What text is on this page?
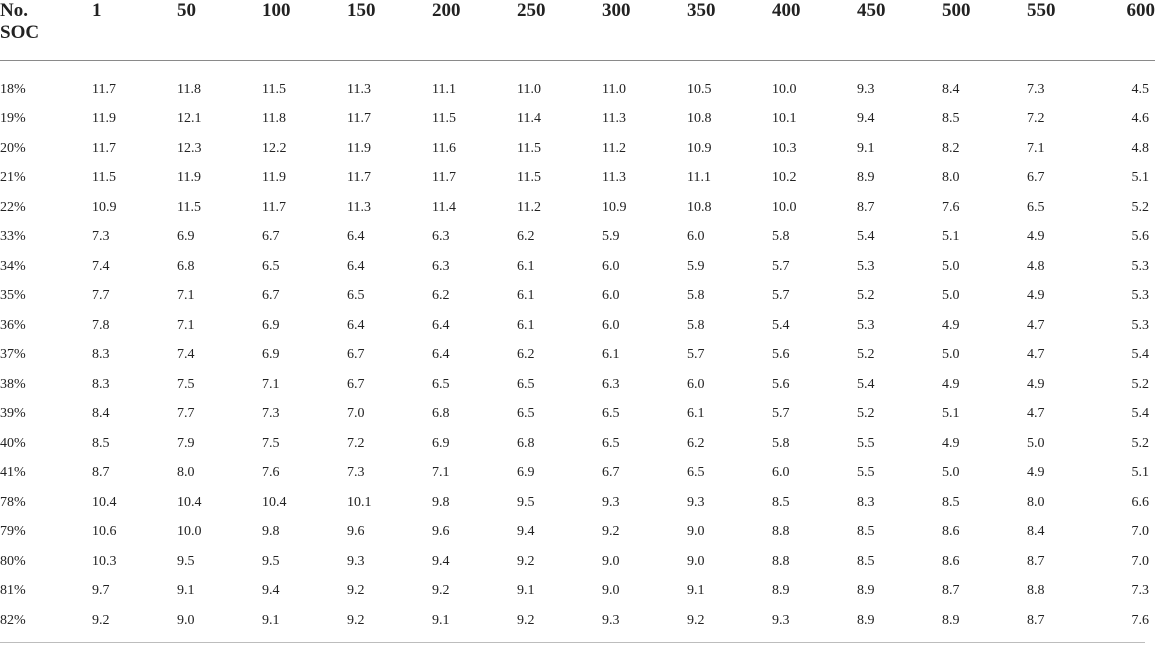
No.
SOC	1	50	100	150	200	250	300	350	400	450	500	550	600

18%	11.7	11.8	11.5	11.3	11.1	11.0	11.0	10.5	10.0	9.3	8.4	7.3	4.5
19%	11.9	12.1	11.8	11.7	11.5	11.4	11.3	10.8	10.1	9.4	8.5	7.2	4.6
20%	11.7	12.3	12.2	11.9	11.6	11.5	11.2	10.9	10.3	9.1	8.2	7.1	4.8
21%	11.5	11.9	11.9	11.7	11.7	11.5	11.3	11.1	10.2	8.9	8.0	6.7	5.1
22%	10.9	11.5	11.7	11.3	11.4	11.2	10.9	10.8	10.0	8.7	7.6	6.5	5.2
33%	7.3	6.9	6.7	6.4	6.3	6.2	5.9	6.0	5.8	5.4	5.1	4.9	5.6
34%	7.4	6.8	6.5	6.4	6.3	6.1	6.0	5.9	5.7	5.3	5.0	4.8	5.3
35%	7.7	7.1	6.7	6.5	6.2	6.1	6.0	5.8	5.7	5.2	5.0	4.9	5.3
36%	7.8	7.1	6.9	6.4	6.4	6.1	6.0	5.8	5.4	5.3	4.9	4.7	5.3
37%	8.3	7.4	6.9	6.7	6.4	6.2	6.1	5.7	5.6	5.2	5.0	4.7	5.4
38%	8.3	7.5	7.1	6.7	6.5	6.5	6.3	6.0	5.6	5.4	4.9	4.9	5.2
39%	8.4	7.7	7.3	7.0	6.8	6.5	6.5	6.1	5.7	5.2	5.1	4.7	5.4
40%	8.5	7.9	7.5	7.2	6.9	6.8	6.5	6.2	5.8	5.5	4.9	5.0	5.2
41%	8.7	8.0	7.6	7.3	7.1	6.9	6.7	6.5	6.0	5.5	5.0	4.9	5.1
78%	10.4	10.4	10.4	10.1	9.8	9.5	9.3	9.3	8.5	8.3	8.5	8.0	6.6
79%	10.6	10.0	9.8	9.6	9.6	9.4	9.2	9.0	8.8	8.5	8.6	8.4	7.0
80%	10.3	9.5	9.5	9.3	9.4	9.2	9.0	9.0	8.8	8.5	8.6	8.7	7.0
81%	9.7	9.1	9.4	9.2	9.2	9.1	9.0	9.1	8.9	8.9	8.7	8.8	7.3
82%	9.2	9.0	9.1	9.2	9.1	9.2	9.3	9.2	9.3	8.9	8.9	8.7	7.6
